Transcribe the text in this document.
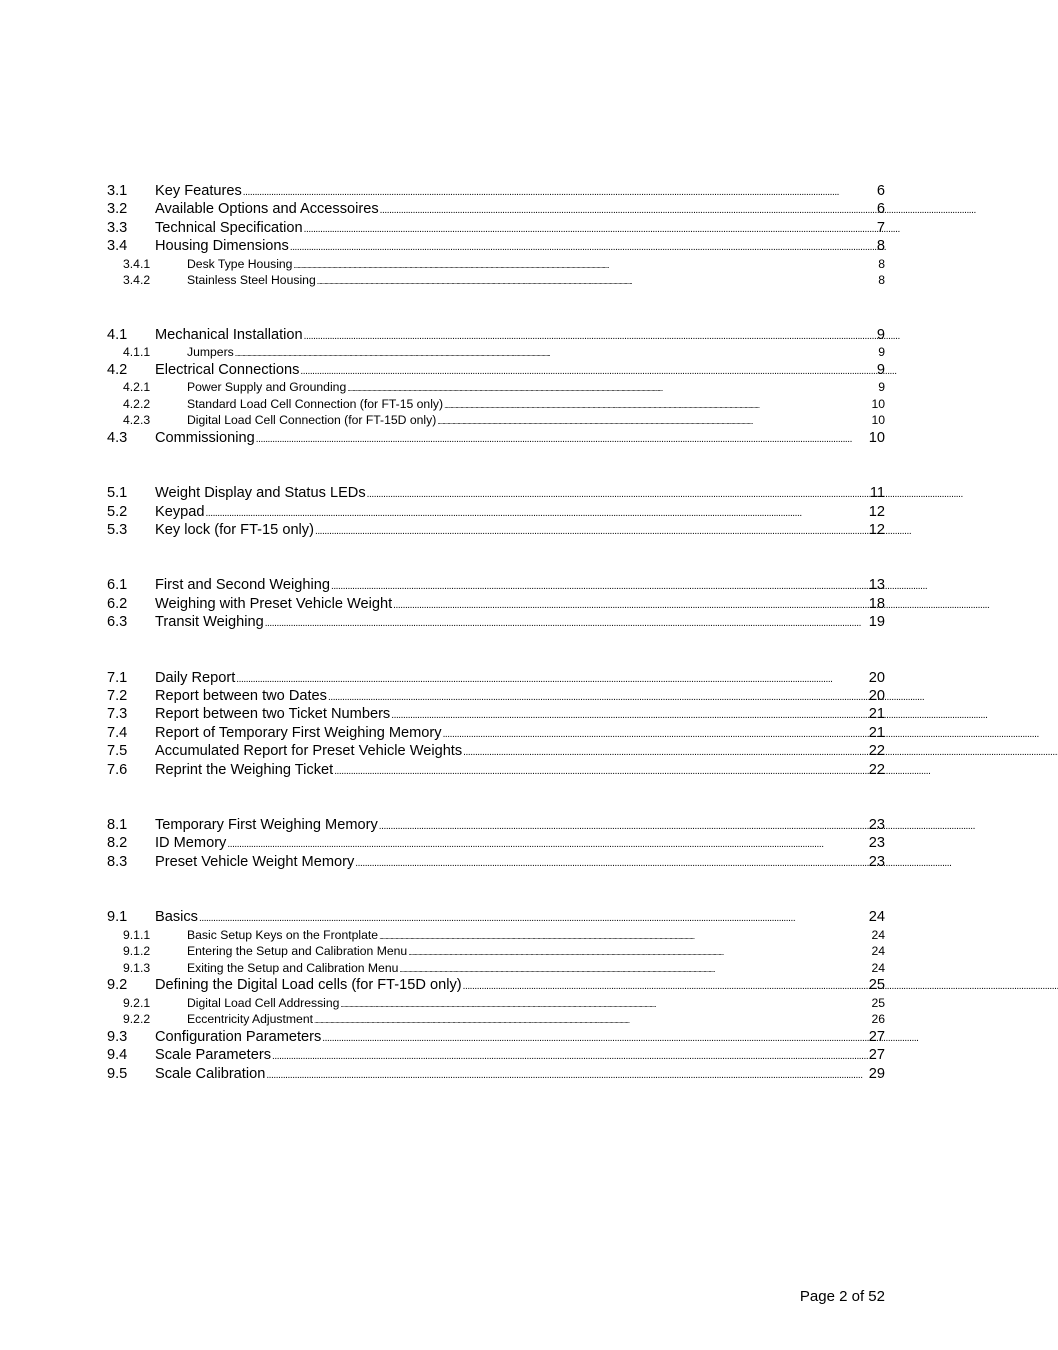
3.1	Key Features . . .	6
3.2	Available Options and Accessoires . . .	6
3.3	Technical Specification . . .	7
3.4	Housing Dimensions . . .	8
3.4.1	Desk Type Housing . . .	8
3.4.2	Stainless Steel Housing . . .	8
4.1	Mechanical Installation . . .	9
4.1.1	Jumpers . . .	9
4.2	Electrical Connections . . .	9
4.2.1	Power Supply and Grounding . . .	9
4.2.2	Standard Load Cell Connection (for FT-15 only) . . .	10
4.2.3	Digital Load Cell Connection (for FT-15D only) . . .	10
4.3	Commissioning . . .	10
5.1	Weight Display and Status LEDs . . .	11
5.2	Keypad . . .	12
5.3	Key lock (for FT-15 only) . . .	12
6.1	First and Second Weighing . . .	13
6.2	Weighing with Preset Vehicle Weight . . .	18
6.3	Transit Weighing . . .	19
7.1	Daily Report . . .	20
7.2	Report between two Dates . . .	20
7.3	Report between two Ticket Numbers . . .	21
7.4	Report of Temporary First Weighing Memory . . .	21
7.5	Accumulated Report for Preset Vehicle Weights . . .	22
7.6	Reprint the Weighing Ticket . . .	22
8.1	Temporary First Weighing Memory . . .	23
8.2	ID Memory . . .	23
8.3	Preset Vehicle Weight Memory . . .	23
9.1	Basics . . .	24
9.1.1	Basic Setup Keys on the Frontplate . . .	24
9.1.2	Entering the Setup and Calibration Menu . . .	24
9.1.3	Exiting the Setup and Calibration Menu . . .	24
9.2	Defining the Digital Load cells (for FT-15D only) . . .	25
9.2.1	Digital Load Cell Addressing . . .	25
9.2.2	Eccentricity Adjustment . . .	26
9.3	Configuration Parameters . . .	27
9.4	Scale Parameters . . .	27
9.5	Scale Calibration . . .	29
Page 2 of 52
